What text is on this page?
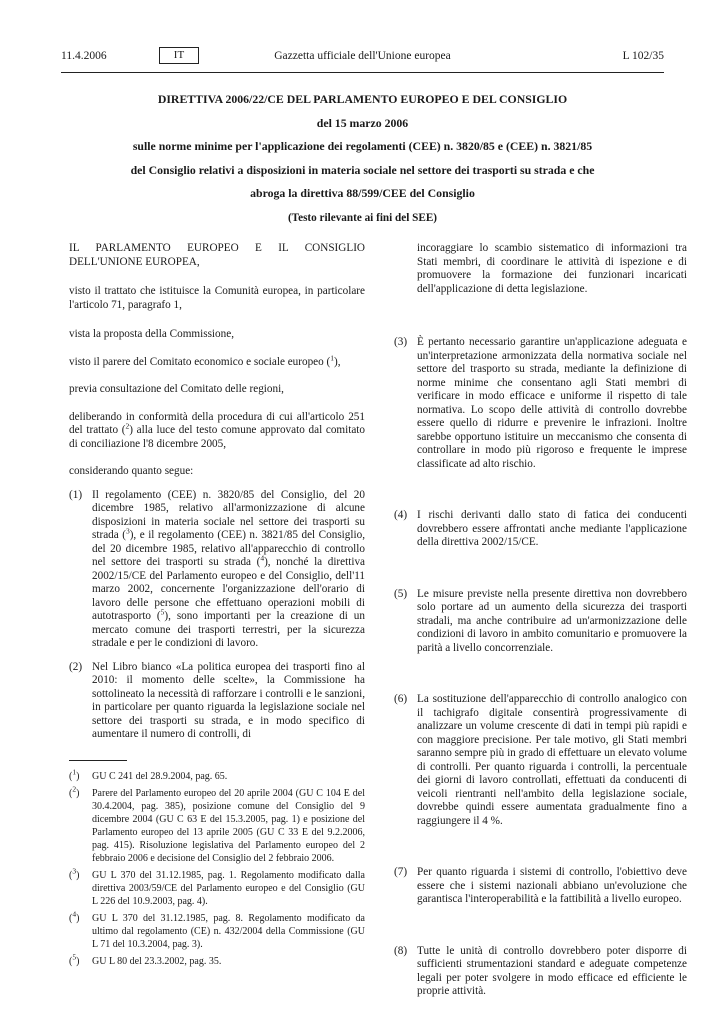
11.4.2006	IT	Gazzetta ufficiale dell'Unione europea	L 102/35
DIRETTIVA 2006/22/CE DEL PARLAMENTO EUROPEO E DEL CONSIGLIO
del 15 marzo 2006
sulle norme minime per l'applicazione dei regolamenti (CEE) n. 3820/85 e (CEE) n. 3821/85
del Consiglio relativi a disposizioni in materia sociale nel settore dei trasporti su strada e che
abroga la direttiva 88/599/CEE del Consiglio
(Testo rilevante ai fini del SEE)

IL PARLAMENTO EUROPEO E IL CONSIGLIO DELL'UNIONE EUROPEA,

visto il trattato che istituisce la Comunità europea, in particolare l'articolo 71, paragrafo 1,

vista la proposta della Commissione,

visto il parere del Comitato economico e sociale europeo ($^1$),

previa consultazione del Comitato delle regioni,

deliberando in conformità della procedura di cui all'articolo 251 del trattato ($^2$) alla luce del testo comune approvato dal comitato di conciliazione l'8 dicembre 2005,

considerando quanto segue:

(1) Il regolamento (CEE) n. 3820/85 del Consiglio, del 20 dicembre 1985, relativo all'armonizzazione di alcune disposizioni in materia sociale nel settore dei trasporti su strada ($^3$), e il regolamento (CEE) n. 3821/85 del Consiglio, del 20 dicembre 1985, relativo all'apparecchio di controllo nel settore dei trasporti su strada ($^4$), nonché la direttiva 2002/15/CE del Parlamento europeo e del Consiglio, dell'11 marzo 2002, concernente l'organizzazione dell'orario di lavoro delle persone che effettuano operazioni mobili di autotrasporto ($^5$), sono importanti per la creazione di un mercato comune dei trasporti terrestri, per la sicurezza stradale e per le condizioni di lavoro.

(2) Nel Libro bianco «La politica europea dei trasporti fino al 2010: il momento delle scelte», la Commissione ha sottolineato la necessità di rafforzare i controlli e le sanzioni, in particolare per quanto riguarda la legislazione sociale nel settore dei trasporti su strada, e in modo specifico di aumentare il numero di controlli, di

($^1$) GU C 241 del 28.9.2004, pag. 65.
($^2$) Parere del Parlamento europeo del 20 aprile 2004 (GU C 104 E del 30.4.2004, pag. 385), posizione comune del Consiglio del 9 dicembre 2004 (GU C 63 E del 15.3.2005, pag. 1) e posizione del Parlamento europeo del 13 aprile 2005 (GU C 33 E del 9.2.2006, pag. 415). Risoluzione legislativa del Parlamento europeo del 2 febbraio 2006 e decisione del Consiglio del 2 febbraio 2006.
($^3$) GU L 370 del 31.12.1985, pag. 1. Regolamento modificato dalla direttiva 2003/59/CE del Parlamento europeo e del Consiglio (GU L 226 del 10.9.2003, pag. 4).
($^4$) GU L 370 del 31.12.1985, pag. 8. Regolamento modificato da ultimo dal regolamento (CE) n. 432/2004 della Commissione (GU L 71 del 10.3.2004, pag. 3).
($^5$) GU L 80 del 23.3.2002, pag. 35.

incoraggiare lo scambio sistematico di informazioni tra Stati membri, di coordinare le attività di ispezione e di promuovere la formazione dei funzionari incaricati dell'applicazione di detta legislazione.

(3) È pertanto necessario garantire un'applicazione adeguata e un'interpretazione armonizzata della normativa sociale nel settore del trasporto su strada, mediante la definizione di norme minime che consentano agli Stati membri di verificare in modo efficace e uniforme il rispetto di tale normativa. Lo scopo delle attività di controllo dovrebbe essere quello di ridurre e prevenire le infrazioni. Inoltre sarebbe opportuno istituire un meccanismo che consenta di controllare in modo più rigoroso e frequente le imprese classificate ad alto rischio.

(4) I rischi derivanti dallo stato di fatica dei conducenti dovrebbero essere affrontati anche mediante l'applicazione della direttiva 2002/15/CE.

(5) Le misure previste nella presente direttiva non dovrebbero solo portare ad un aumento della sicurezza dei trasporti stradali, ma anche contribuire ad un'armonizzazione delle condizioni di lavoro in ambito comunitario e promuovere la parità a livello concorrenziale.

(6) La sostituzione dell'apparecchio di controllo analogico con il tachigrafo digitale consentirà progressivamente di analizzare un volume crescente di dati in tempi più rapidi e con maggiore precisione. Per tale motivo, gli Stati membri saranno sempre più in grado di effettuare un elevato volume di controlli. Per quanto riguarda i controlli, la percentuale dei giorni di lavoro controllati, effettuati da conducenti di veicoli rientranti nell'ambito della legislazione sociale, dovrebbe quindi essere aumentata gradualmente fino a raggiungere il 4 %.

(7) Per quanto riguarda i sistemi di controllo, l'obiettivo deve essere che i sistemi nazionali abbiano un'evoluzione che garantisca l'interoperabilità e la fattibilità a livello europeo.

(8) Tutte le unità di controllo dovrebbero poter disporre di sufficienti strumentazioni standard e adeguate competenze legali per poter svolgere in modo efficace ed efficiente le proprie attività.
